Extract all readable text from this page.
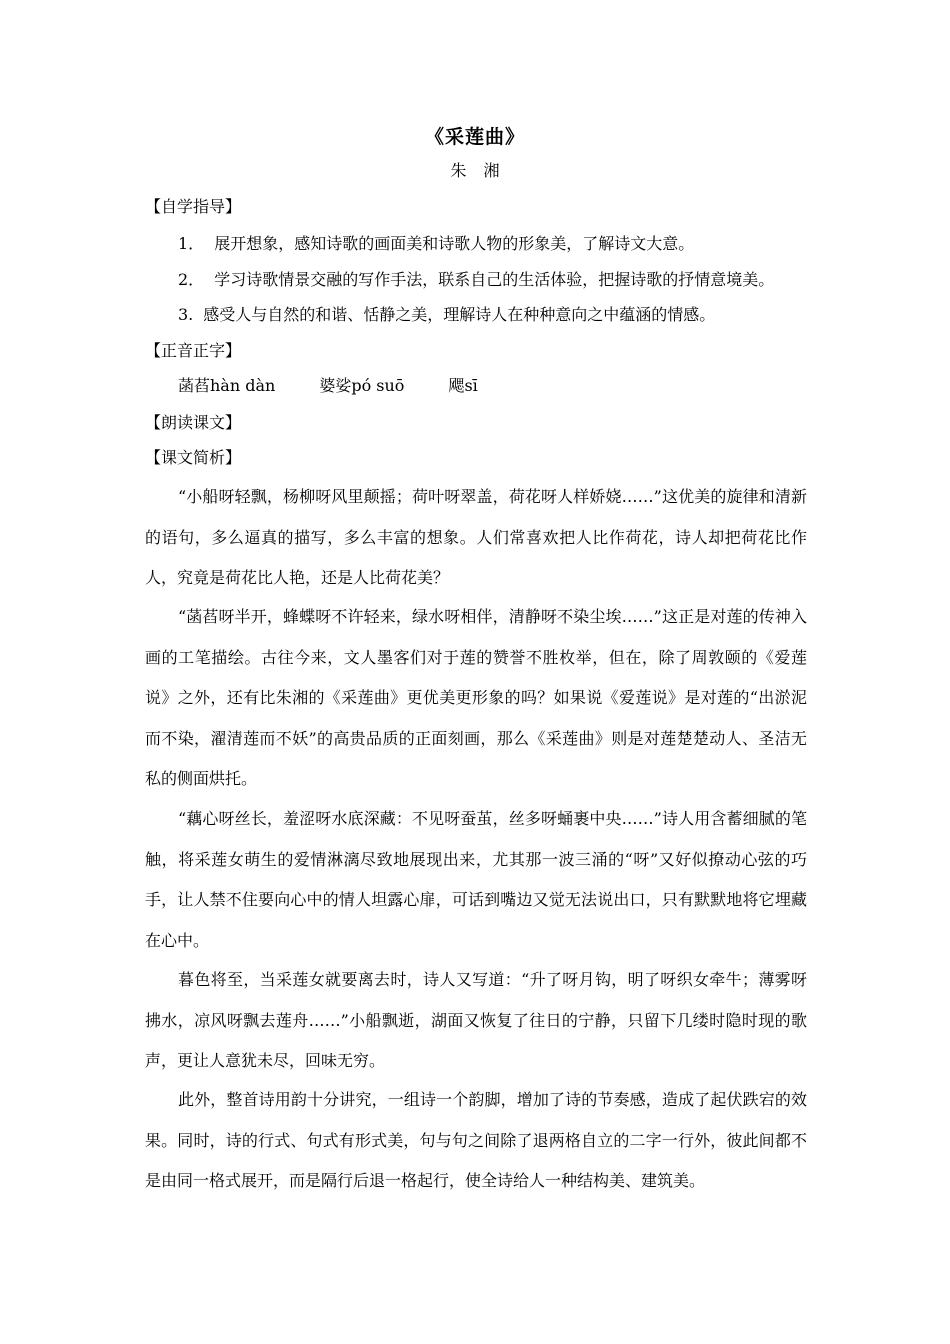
《采莲曲》
朱 湘
【自学指导】
1． 展开想象，感知诗歌的画面美和诗歌人物的形象美，了解诗文大意。
2． 学习诗歌情景交融的写作手法，联系自己的生活体验，把握诗歌的抒情意境美。
3. 感受人与自然的和谐、恬静之美，理解诗人在种种意向之中蕴涵的情感。
【正音正字】
菡萏hàn dàn	婆娑pó suō	飔sī
【朗读课文】
【课文简析】

“小船呀轻飘，杨柳呀风里颠摇；荷叶呀翠盖，荷花呀人样娇娆……”这优美的旋律和清新的语句，多么逼真的描写，多么丰富的想象。人们常喜欢把人比作荷花，诗人却把荷花比作人，究竟是荷花比人艳，还是人比荷花美？

“菡萏呀半开，蜂蝶呀不许轻来，绿水呀相伴，清静呀不染尘埃……”这正是对莲的传神入画的工笔描绘。古往今来，文人墨客们对于莲的赞誉不胜枚举，但在，除了周敦颐的《爱莲说》之外，还有比朱湘的《采莲曲》更优美更形象的吗？如果说《爱莲说》是对莲的“出淤泥而不染，濯清莲而不妖”的高贵品质的正面刻画，那么《采莲曲》则是对莲楚楚动人、圣洁无私的侧面烘托。

“藕心呀丝长，羞涩呀水底深藏：不见呀蚕茧，丝多呀蛹裹中央……”诗人用含蓄细腻的笔触，将采莲女萌生的爱情淋漓尽致地展现出来，尤其那一波三涌的“呀”又好似撩动心弦的巧手，让人禁不住要向心中的情人坦露心扉，可话到嘴边又觉无法说出口，只有默默地将它埋藏在心中。

暮色将至，当采莲女就要离去时，诗人又写道：“升了呀月钩，明了呀织女牵牛；薄雾呀拂水，凉风呀飘去莲舟……”小船飘逝，湖面又恢复了往日的宁静，只留下几缕时隐时现的歌声，更让人意犹未尽，回味无穷。

此外，整首诗用韵十分讲究，一组诗一个韵脚，增加了诗的节奏感，造成了起伏跌宕的效果。同时，诗的行式、句式有形式美，句与句之间除了退两格自立的二字一行外，彼此间都不是由同一格式展开，而是隔行后退一格起行，使全诗给人一种结构美、建筑美。
